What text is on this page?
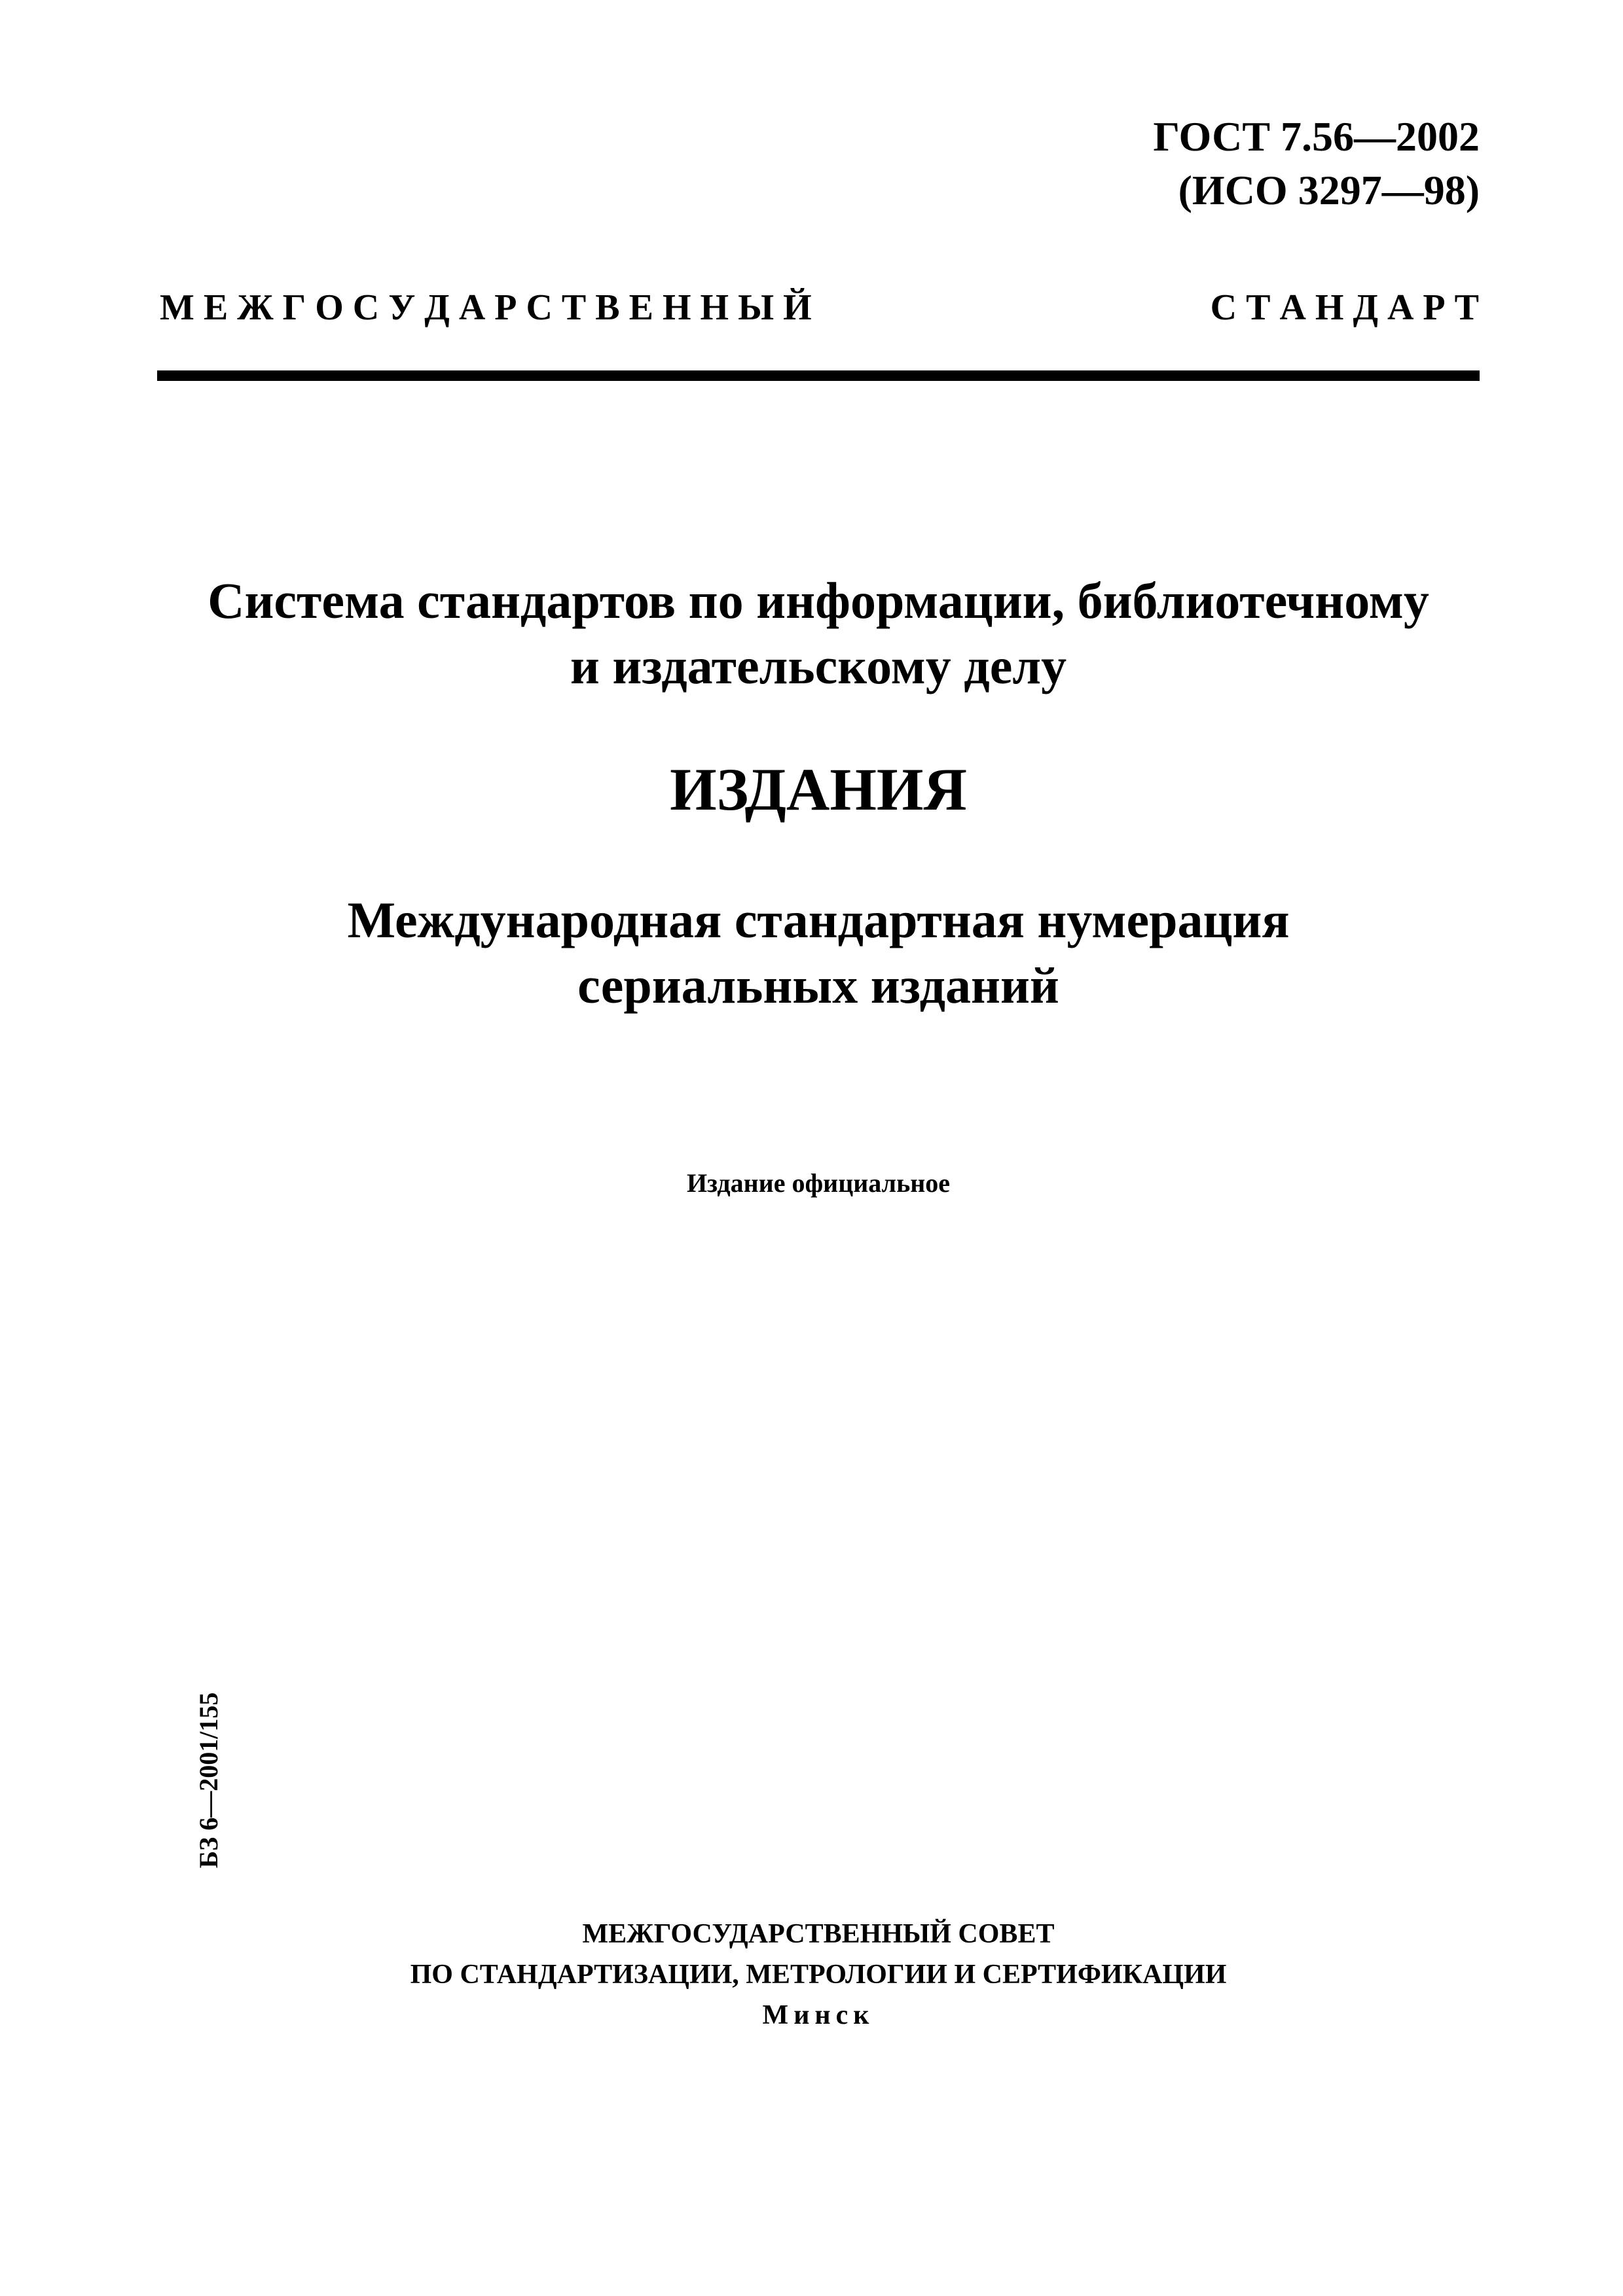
ГОСТ 7.56—2002
(ИСО 3297—98)
М Е Ж Г О С У Д А Р С Т В Е Н Н Ы Й	С Т А Н Д А Р Т
Система стандартов по информации, библиотечному
и издательскому делу
ИЗДАНИЯ
Международная стандартная нумерация
сериальных изданий
Издание официальное
БЗ 6—2001/155
МЕЖГОСУДАРСТВЕННЫЙ СОВЕТ
ПО СТАНДАРТИЗАЦИИ, МЕТРОЛОГИИ И СЕРТИФИКАЦИИ
Минск
